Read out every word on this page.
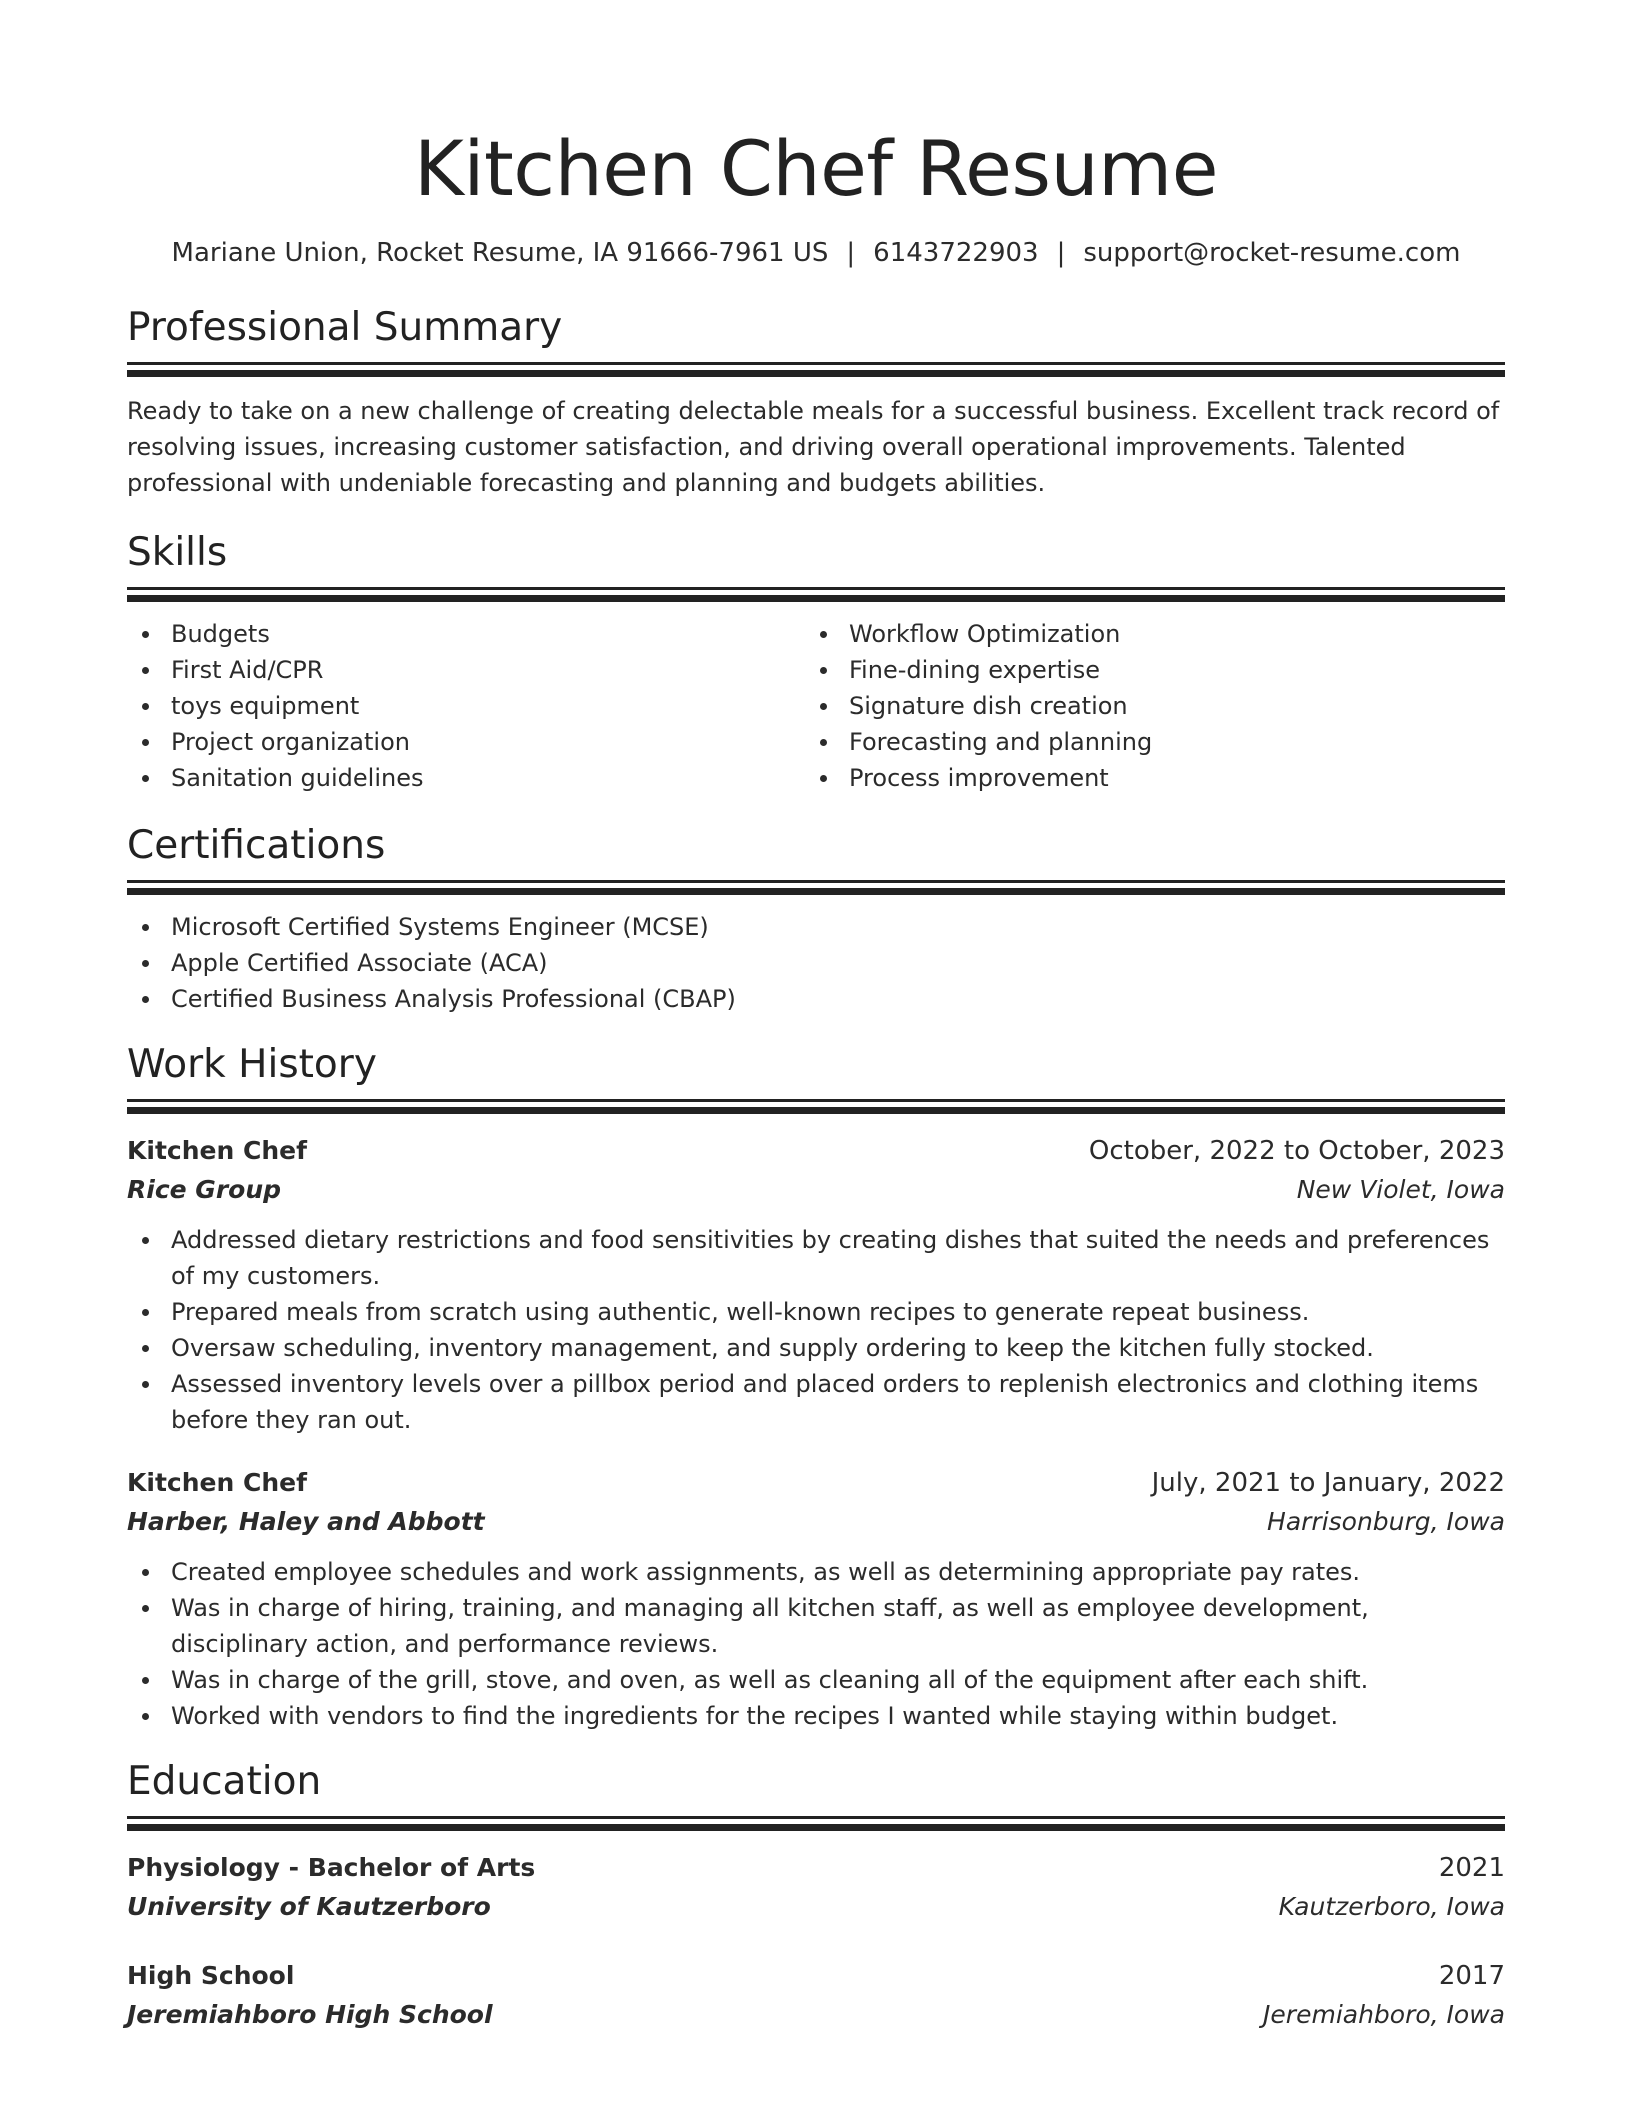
Kitchen Chef Resume
Mariane Union, Rocket Resume, IA 91666-7961 US | 6143722903 | support@rocket-resume.com
Professional Summary
Ready to take on a new challenge of creating delectable meals for a successful business. Excellent track record of resolving issues, increasing customer satisfaction, and driving overall operational improvements. Talented professional with undeniable forecasting and planning and budgets abilities.
Skills
Budgets
First Aid/CPR
toys equipment
Project organization
Sanitation guidelines
Workflow Optimization
Fine-dining expertise
Signature dish creation
Forecasting and planning
Process improvement
Certifications
Microsoft Certified Systems Engineer (MCSE)
Apple Certified Associate (ACA)
Certified Business Analysis Professional (CBAP)
Work History
Kitchen Chef	October, 2022 to October, 2023
Rice Group	New Violet, Iowa
Addressed dietary restrictions and food sensitivities by creating dishes that suited the needs and preferences of my customers.
Prepared meals from scratch using authentic, well-known recipes to generate repeat business.
Oversaw scheduling, inventory management, and supply ordering to keep the kitchen fully stocked.
Assessed inventory levels over a pillbox period and placed orders to replenish electronics and clothing items before they ran out.
Kitchen Chef	July, 2021 to January, 2022
Harber, Haley and Abbott	Harrisonburg, Iowa
Created employee schedules and work assignments, as well as determining appropriate pay rates.
Was in charge of hiring, training, and managing all kitchen staff, as well as employee development, disciplinary action, and performance reviews.
Was in charge of the grill, stove, and oven, as well as cleaning all of the equipment after each shift.
Worked with vendors to find the ingredients for the recipes I wanted while staying within budget.
Education
Physiology - Bachelor of Arts	2021
University of Kautzerboro	Kautzerboro, Iowa
High School	2017
Jeremiahboro High School	Jeremiahboro, Iowa
